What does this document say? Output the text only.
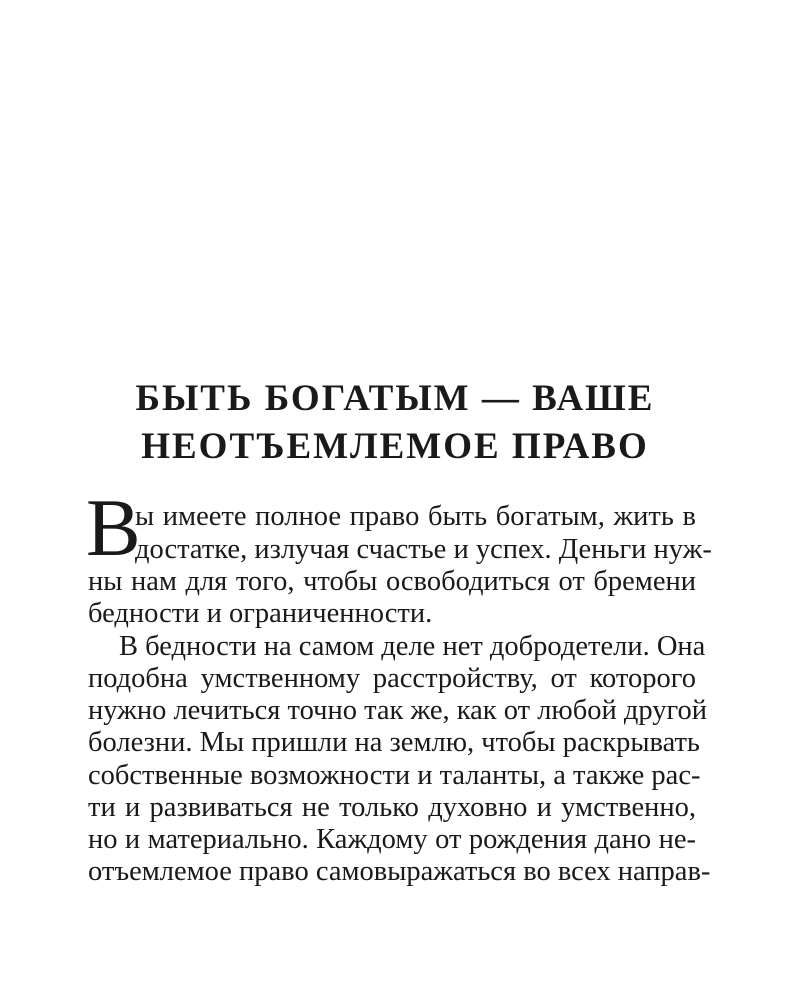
БЫТЬ БОГАТЫМ — ВАШЕ
НЕОТЪЕМЛЕМОЕ ПРАВО
В

ы имеете полное право быть богатым, жить в

достатке, излучая счастье и успех. Деньги нуж-

ны нам для того, чтобы освободиться от бремени

бедности и ограниченности.

В бедности на самом деле нет добродетели. Она

подобна умственному расстройству, от которого

нужно лечиться точно так же, как от любой другой

болезни. Мы пришли на землю, чтобы раскрывать

собственные возможности и таланты, а также рас-

ти и развиваться не только духовно и умственно,

но и материально. Каждому от рождения дано не-

отъемлемое право самовыражаться во всех направ-
